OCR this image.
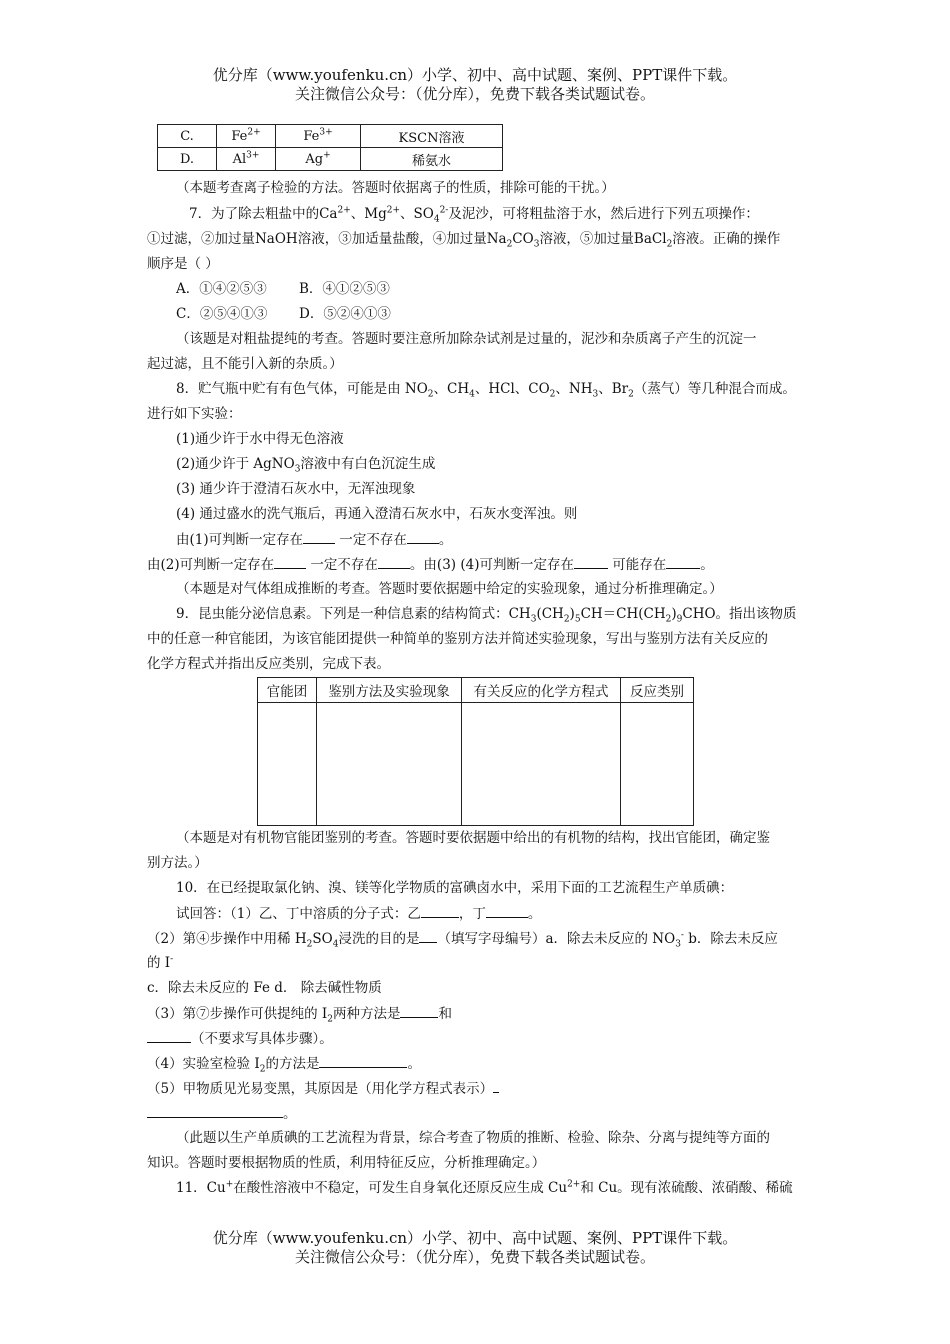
优分库（www.youfenku.cn）小学、初中、高中试题、案例、PPT课件下载。
关注微信公众号：（优分库），免费下载各类试题试卷。
C.	$Fe^{2+}$	$Fe^{3+}$	KSCN溶液
D.	$Al^{3+}$	Ag+	稀氨水
（本题考查离子检验的方法。答题时依据离子的性质，排除可能的干扰。）
7．为了除去粗盐中的$Ca^{2+}$、$Mg^{2+}$、$SO_4^{2-}$及泥沙，可将粗盐溶于水，然后进行下列五项操作：
①过滤，②加过量NaOH溶液，③加适量盐酸，④加过量$Na_2CO_3$溶液，⑤加过量BaCl$_2$溶液。正确的操作
顺序是（ ）
A．①④②⑤③ B．④①②⑤③
C．②⑤④①③ D．⑤②④①③
（该题是对粗盐提纯的考查。答题时要注意所加除杂试剂是过量的，泥沙和杂质离子产生的沉淀一
起过滤，且不能引入新的杂质。）
8．贮气瓶中贮有有色气体，可能是由 $NO_2$、$CH_4$、HCl、$CO_2$、$NH_3$、$Br_2$（蒸气）等几种混合而成。
进行如下实验：
(1)通少许于水中得无色溶液
(2)通少许于 AgNO$_3$溶液中有白色沉淀生成
(3) 通少许于澄清石灰水中，无浑浊现象
(4) 通过盛水的洗气瓶后，再通入澄清石灰水中，石灰水变浑浊。则
由(1)可判断一定存在 一定不存在 。
由(2)可判断一定存在 一定不存在 。由(3) (4)可判断一定存在	可能存在	。
（本题是对气体组成推断的考查。答题时要依据题中给定的实验现象，通过分析推理确定。）
9．昆虫能分泌信息素。下列是一种信息素的结构简式：$CH_3(CH_2)_5CH=CH(CH_2)_9CHO$。指出该物质
中的任意一种官能团，为该官能团提供一种简单的鉴别方法并简述实验现象，写出与鉴别方法有关反应的
化学方程式并指出反应类别，完成下表。
官能团	鉴别方法及实验现象	有关反应的化学方程式	反应类别

（本题是对有机物官能团鉴别的考查。答题时要依据题中给出的有机物的结构，找出官能团，确定鉴
别方法。）
10．在已经提取氯化钠、溴、镁等化学物质的富碘卤水中，采用下面的工艺流程生产单质碘：
试回答：（1）乙、丁中溶质的分子式：乙	，丁	。
（2）第④步操作中用稀 $H_2SO_4$浸洗的目的是 （填写字母编号）a．除去未反应的 $NO_3^-$ b．除去未反应
的 I-
c．除去未反应的 Fe d． 除去碱性物质
（3）第⑦步操作可供提纯的 $I_2$两种方法是	和
（不要求写具体步骤）。
（4）实验室检验 $I_2$的方法是	。
（5）甲物质见光易变黑，其原因是（用化学方程式表示）
。
（此题以生产单质碘的工艺流程为背景，综合考查了物质的推断、检验、除杂、分离与提纯等方面的
知识。答题时要根据物质的性质，利用特征反应，分析推理确定。）
11．Cu+在酸性溶液中不稳定，可发生自身氧化还原反应生成 $Cu^{2+}$和 Cu。现有浓硫酸、浓硝酸、稀硫
优分库（www.youfenku.cn）小学、初中、高中试题、案例、PPT课件下载。
关注微信公众号：（优分库），免费下载各类试题试卷。
